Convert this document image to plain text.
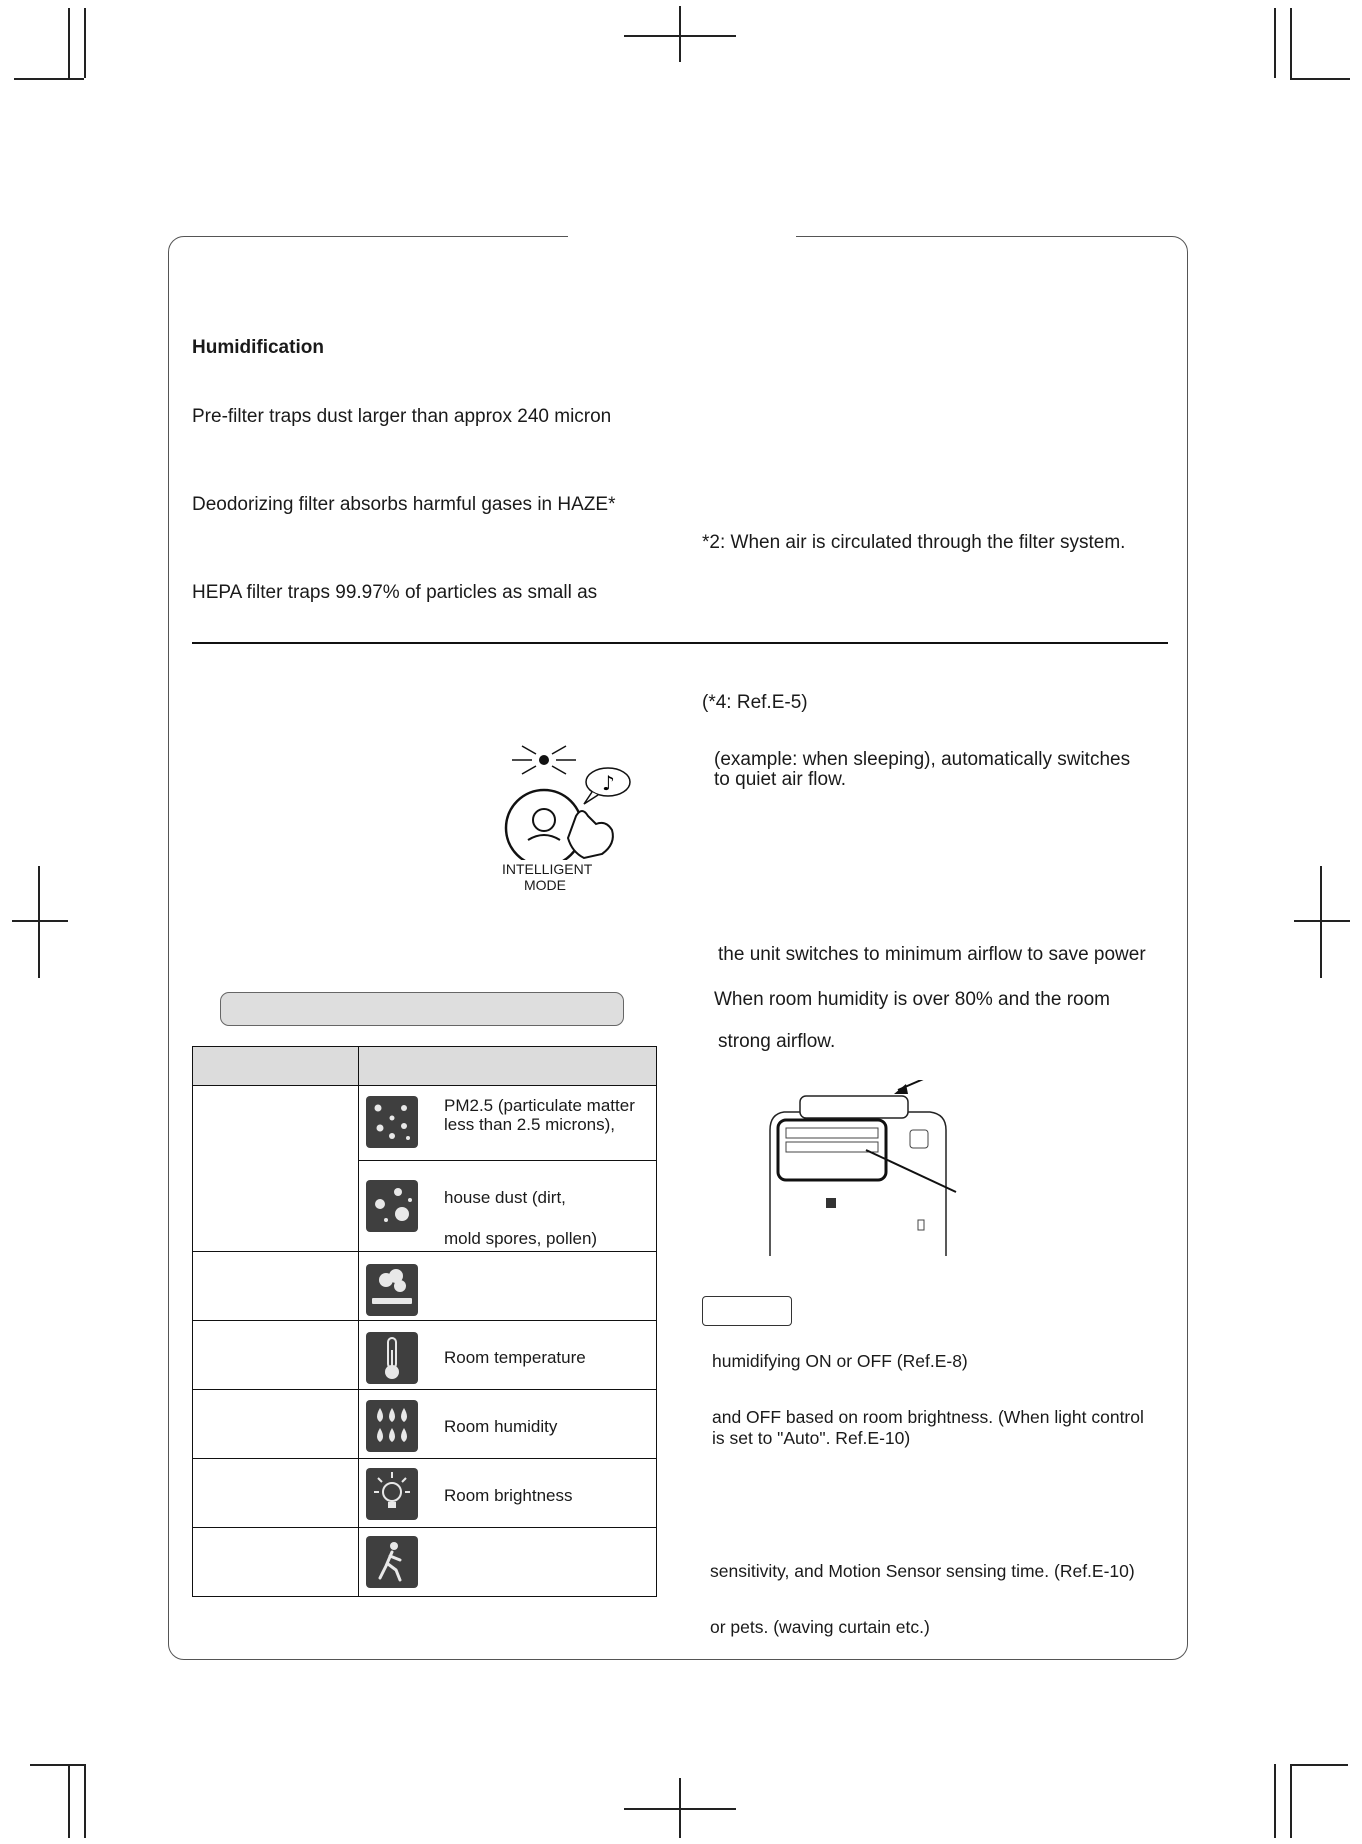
Humidification
Pre-filter traps dust larger than approx 240 micron
Deodorizing filter absorbs harmful gases in HAZE*
HEPA filter traps 99.97% of particles as small as
*2: When air is circulated through the filter system.
(*4: Ref.E-5)
(example: when sleeping), automatically switches
to quiet air flow.
the unit switches to minimum airflow to save power
When room humidity is over 80% and the room
strong airflow.
♪
INTELLIGENT
MODE

PM2.5 (particulate matter
less than 2.5 microns),
house dust (dirt,
mold spores, pollen)
Room temperature
Room humidity
Room brightness
humidifying ON or OFF (Ref.E-8)
and OFF based on room brightness. (When light control
is set to "Auto". Ref.E-10)
sensitivity, and Motion Sensor sensing time. (Ref.E-10)
or pets. (waving curtain etc.)
